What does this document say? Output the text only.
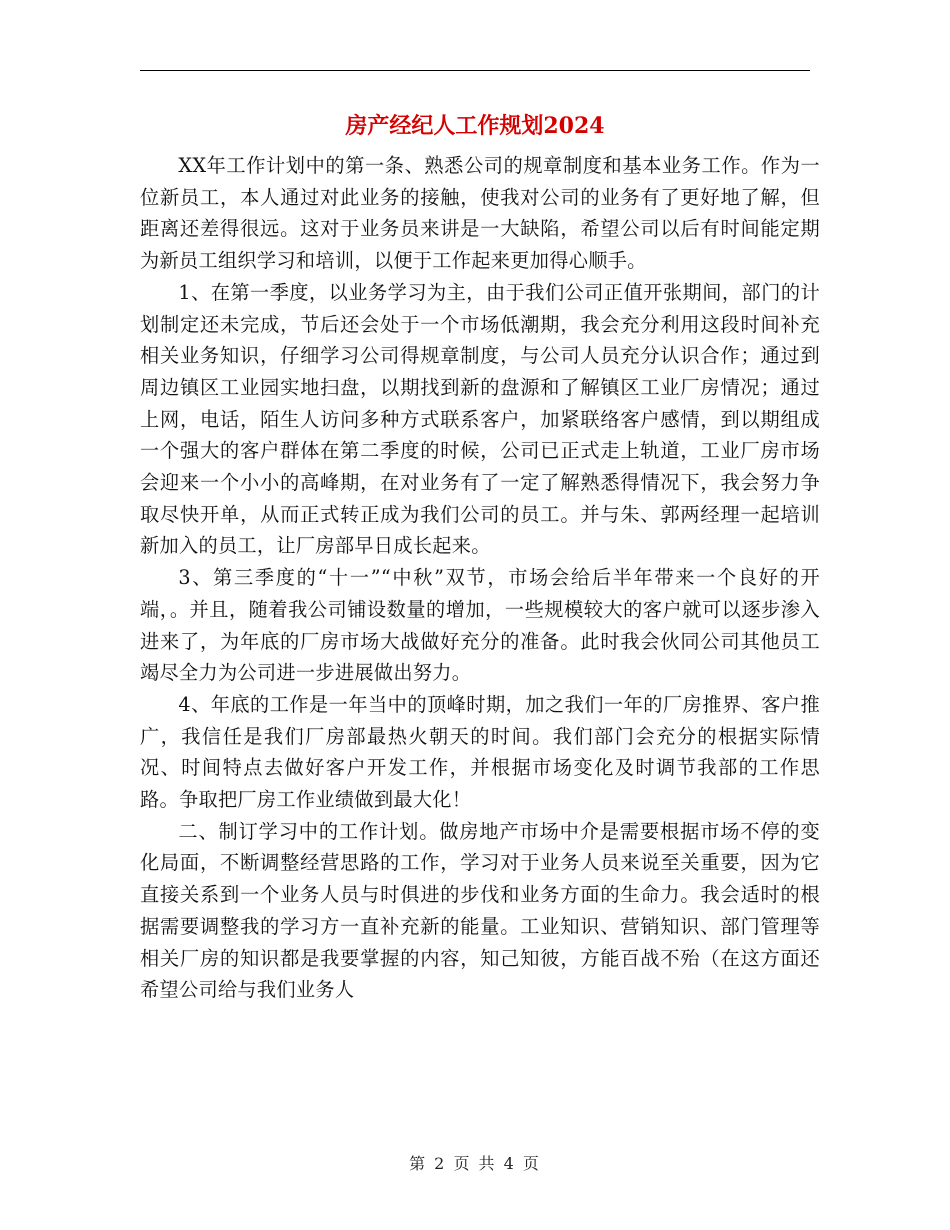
房产经纪人工作规划2024

XX年工作计划中的第一条、熟悉公司的规章制度和基本业务工作。作为一位新员工，本人通过对此业务的接触，使我对公司的业务有了更好地了解，但距离还差得很远。这对于业务员来讲是一大缺陷，希望公司以后有时间能定期为新员工组织学习和培训，以便于工作起来更加得心顺手。

1、在第一季度，以业务学习为主，由于我们公司正值开张期间，部门的计划制定还未完成，节后还会处于一个市场低潮期，我会充分利用这段时间补充相关业务知识，仔细学习公司得规章制度，与公司人员充分认识合作；通过到周边镇区工业园实地扫盘，以期找到新的盘源和了解镇区工业厂房情况；通过上网，电话，陌生人访问多种方式联系客户，加紧联络客户感情，到以期组成一个强大的客户群体在第二季度的时候，公司已正式走上轨道，工业厂房市场会迎来一个小小的高峰期，在对业务有了一定了解熟悉得情况下，我会努力争取尽快开单，从而正式转正成为我们公司的员工。并与朱、郭两经理一起培训新加入的员工，让厂房部早日成长起来。

3、第三季度的“十一”“中秋”双节，市场会给后半年带来一个良好的开端，。并且，随着我公司铺设数量的增加，一些规模较大的客户就可以逐步渗入进来了，为年底的厂房市场大战做好充分的准备。此时我会伙同公司其他员工竭尽全力为公司进一步进展做出努力。

4、年底的工作是一年当中的顶峰时期，加之我们一年的厂房推界、客户推广，我信任是我们厂房部最热火朝天的时间。我们部门会充分的根据实际情况、时间特点去做好客户开发工作，并根据市场变化及时调节我部的工作思路。争取把厂房工作业绩做到最大化！

二、制订学习中的工作计划。做房地产市场中介是需要根据市场不停的变化局面，不断调整经营思路的工作，学习对于业务人员来说至关重要，因为它直接关系到一个业务人员与时俱进的步伐和业务方面的生命力。我会适时的根据需要调整我的学习方一直补充新的能量。工业知识、营销知识、部门管理等相关厂房的知识都是我要掌握的内容，知己知彼，方能百战不殆（在这方面还希望公司给与我们业务人

第 2 页 共 4 页
